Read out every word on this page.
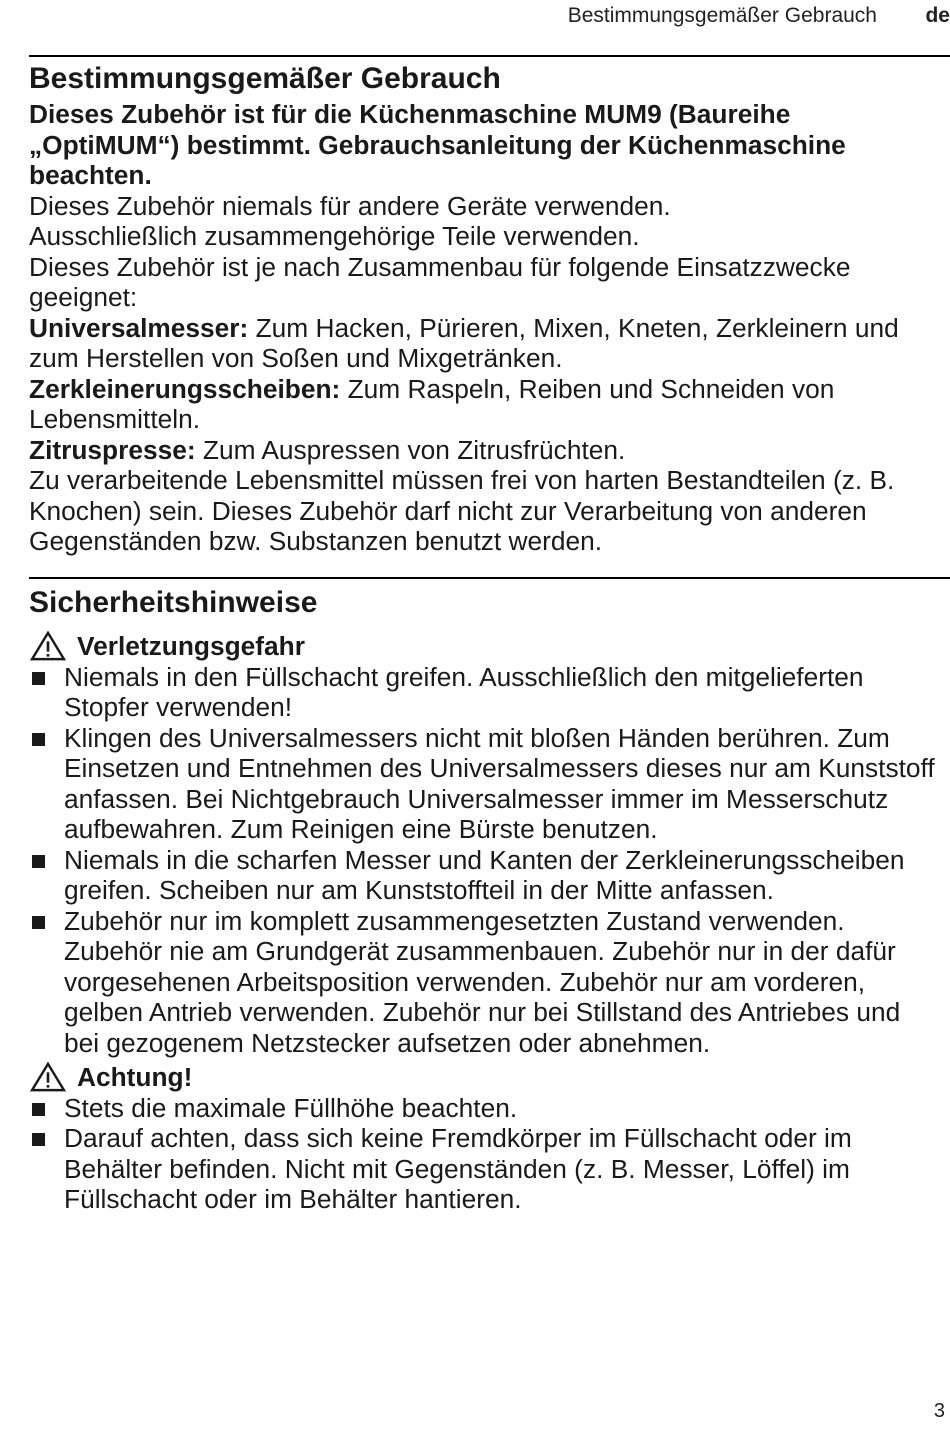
Bestimmungsgemäßer Gebrauch de
Bestimmungsgemäßer Gebrauch

Dieses Zubehör ist für die Küchenmaschine MUM9 (Baureihe „OptiMUM“) bestimmt. Gebrauchsanleitung der Küchenmaschine beachten.

Dieses Zubehör niemals für andere Geräte verwenden.

Ausschließlich zusammengehörige Teile verwenden.

Dieses Zubehör ist je nach Zusammenbau für folgende Einsatzzwecke geeignet:

Universalmesser: Zum Hacken, Pürieren, Mixen, Kneten, Zerkleinern und zum Herstellen von Soßen und Mixgetränken.

Zerkleinerungsscheiben: Zum Raspeln, Reiben und Schneiden von Lebensmitteln.

Zitruspresse: Zum Auspressen von Zitrusfrüchten.

Zu verarbeitende Lebensmittel müssen frei von harten Bestandteilen (z. B. Knochen) sein. Dieses Zubehör darf nicht zur Verarbeitung von anderen Gegenständen bzw. Substanzen benutzt werden.

Sicherheitshinweise
Verletzungsgefahr
Niemals in den Füllschacht greifen. Ausschließlich den mitgelieferten Stopfer verwenden!
Klingen des Universalmessers nicht mit bloßen Händen berühren. Zum Einsetzen und Entnehmen des Universalmessers dieses nur am Kunststoff anfassen. Bei Nichtgebrauch Universalmesser immer im Messerschutz aufbewahren. Zum Reinigen eine Bürste benutzen.
Niemals in die scharfen Messer und Kanten der Zerkleinerungsscheiben greifen. Scheiben nur am Kunststoffteil in der Mitte anfassen.
Zubehör nur im komplett zusammengesetzten Zustand verwenden. Zubehör nie am Grundgerät zusammenbauen. Zubehör nur in der dafür vorgesehenen Arbeitsposition verwenden. Zubehör nur am vorderen, gelben Antrieb verwenden. Zubehör nur bei Stillstand des Antriebes und bei gezogenem Netzstecker aufsetzen oder abnehmen.
Achtung!
Stets die maximale Füllhöhe beachten.
Darauf achten, dass sich keine Fremdkörper im Füllschacht oder im Behälter befinden. Nicht mit Gegenständen (z. B. Messer, Löffel) im Füllschacht oder im Behälter hantieren.
3
